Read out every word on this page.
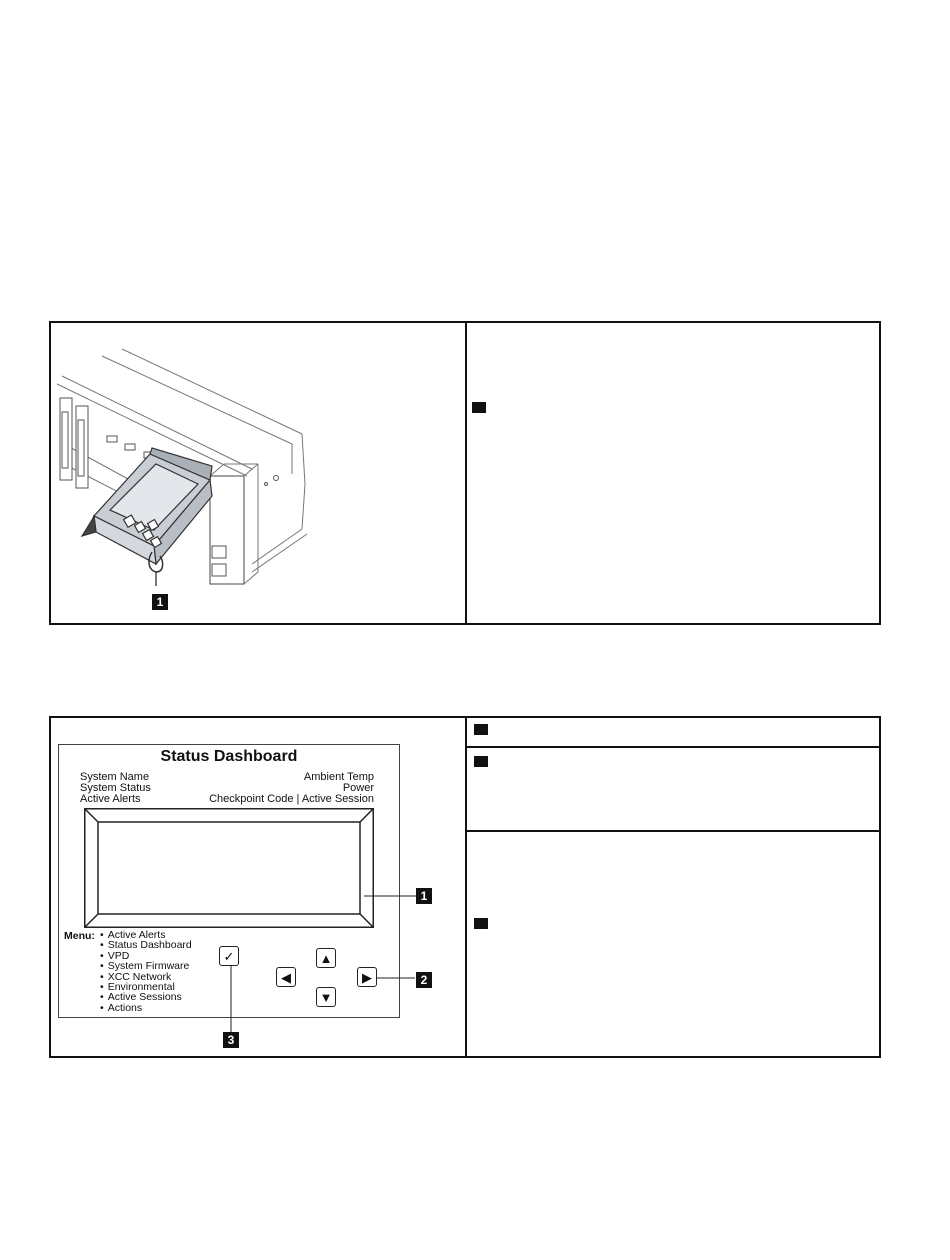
1
Status Dashboard
System Name
System Status
Active Alerts
Ambient Temp
Power
Checkpoint Code | Active Session
1
Menu:
•	Active Alerts
• Status Dashboard
• VPD
• System Firmware
• XCC Network
• Environmental
• Active Sessions
• Actions
✓	▲
◀	▶
▼
2
3
